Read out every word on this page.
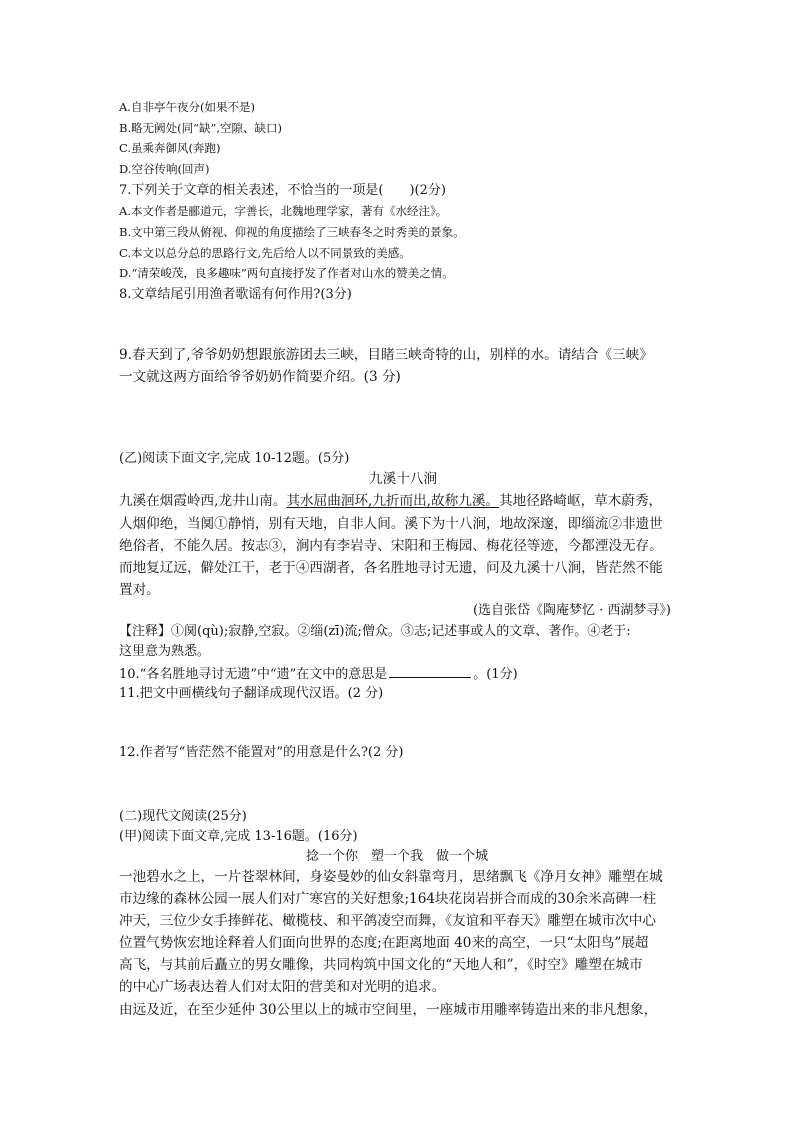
A.自非亭午夜分(如果不是)
B.略无阙处(同“缺”,空隙、缺口)
C.虽乘奔御风(奔跑)
D.空谷传响(回声)
7.下列关于文章的相关表述，不恰当的一项是(　　)(2分)
A.本文作者是郦道元，字善长，北魏地理学家，著有《水经注》。
B.文中第三段从俯视、仰视的角度描绘了三峡春冬之时秀美的景象。
C.本文以总分总的思路行文,先后给人以不同景致的美感。
D.“清荣峻茂，良多趣味”两句直接抒发了作者对山水的赞美之情。
8.文章结尾引用渔者歌谣有何作用?(3分)
9.春天到了,爷爷奶奶想跟旅游团去三峡，目睹三峡奇特的山，别样的水。请结合《三峡》
一文就这两方面给爷爷奶奶作简要介绍。(3 分)
(乙)阅读下面文字,完成 10-12题。(5分)
九溪十八涧
九溪在烟霞岭西,龙井山南。其水屈曲洄环,九折而出,故称九溪。其地径路崎岖，草木蔚秀，
人烟仰绝，当阒①静悄，别有天地，自非人间。溪下为十八涧，地故深邃，即缁流②非遗世
绝俗者，不能久居。按志③，涧内有李岩寺、宋阳和王梅园、梅花径等迹，今都湮没无存。
而地复辽远，僻处江干，老于④西湖者，各名胜地寻讨无遗，问及九溪十八涧，皆茫然不能
置对。
(选自张岱《陶庵梦忆 · 西湖梦寻》)
【注释】①阒(qù);寂静,空寂。②缁(zī)流;僧众。③志;记述事或人的文章、著作。④老于:
这里意为熟悉。
10.“各名胜地寻讨无遗”中“遗”在文中的意思是	。(1分)
11.把文中画横线句子翻译成现代汉语。(2 分)
12.作者写“皆茫然不能置对”的用意是什么?(2 分)
(二)现代文阅读(25分)
(甲)阅读下面文章,完成 13-16题。(16分)
捻一个你　塑一个我　做一个城
一池碧水之上，一片苍翠林间，身姿曼妙的仙女斜靠弯月，思绪飘飞《净月女神》雕塑在城
市边缘的森林公园一展人们对广寒宫的关好想象;164块花岗岩拼合而成的30余米高碑一柱
冲天，三位少女手捧鲜花、橄榄枝、和平鸽凌空而舞，《友谊和平春天》雕塑在城市次中心
位置气势恢宏地诠释着人们面向世界的态度;在距离地面 40来的高空，一只“太阳鸟”展超
高飞，与其前后矗立的男女雕像，共同构筑中国文化的“天地人和”，《时空》雕塑在城市
的中心广场表达着人们对太阳的营美和对光明的追求。
由远及近，在至少延仲 30公里以上的城市空间里，一座城市用雕率铸造出来的非凡想象，
